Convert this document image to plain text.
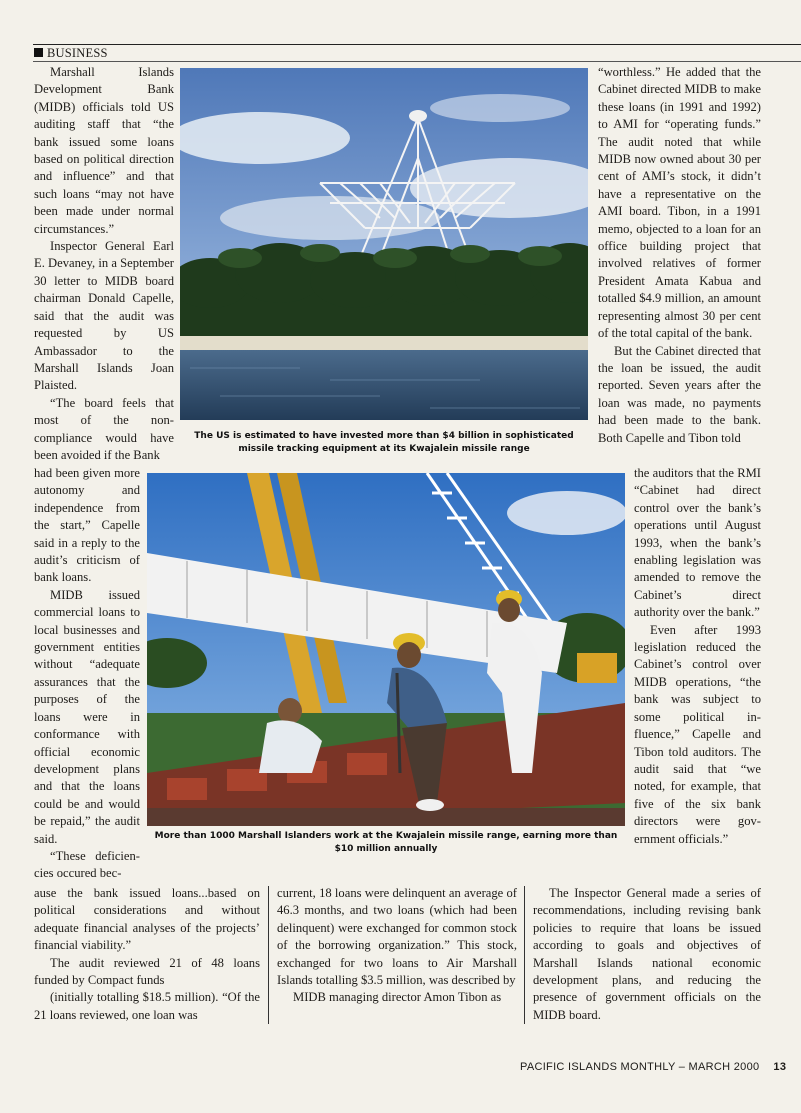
BUSINESS

Marshall Islands Development Bank (MIDB) officials told US auditing staff that “the bank issued some loans based on political direction and influence” and that such loans “may not have been made under normal circumstances.”

Inspector General Earl E. Devaney, in a September 30 letter to MIDB board chairman Donald Capelle, said that the audit was requested by US Ambassador to the Marshall Islands Joan Plaisted.

“The board feels that most of the non-compliance would have been avoided if the Bank

had been given more autonomy and independence from the start,” Capelle said in a reply to the audit’s criticism of bank loans.

MIDB issued commercial loans to local businesses and government entities without “adequate assurances that the purposes of the loans were in conformance with official economic development plans and that the loans could be and would be repaid,” the audit said.

“These deficien-cies occured bec-

“worthless.” He added that the Cabinet directed MIDB to make these loans (in 1991 and 1992) to AMI for “operating funds.” The audit noted that while MIDB now owned about 30 per cent of AMI’s stock, it didn’t have a representative on the AMI board. Tibon, in a 1991 memo, objected to a loan for an office building project that involved relatives of former President Amata Kabua and totalled $4.9 million, an amount representing almost 30 per cent of the total capital of the bank.

But the Cabinet directed that the loan be issued, the audit reported. Seven years after the loan was made, no payments had been made to the bank. Both Capelle and Tibon told

the auditors that the RMI “Cabinet had direct control over the bank’s operations until August 1993, when the bank’s enabling legislation was amended to remove the Cabinet’s direct authority over the bank.”

Even after 1993 legislation reduced the Cabinet’s control over MIDB operations, “the bank was subject to some political in-fluence,” Capelle and Tibon told auditors. The audit said that “we noted, for example, that five of the six bank directors were gov-ernment officials.”

The US is estimated to have invested more than $4 billion in sophisticated missile tracking equipment at its Kwajalein missile range
More than 1000 Marshall Islanders work at the Kwajalein missile range, earning more than $10 million annually

ause the bank issued loans...based on political considerations and without adequate financial analyses of the projects’ financial viability.”

The audit reviewed 21 of 48 loans funded by Compact funds

(initially totalling $18.5 million). “Of the 21 loans reviewed, one loan was

current, 18 loans were delinquent an average of 46.3 months, and two loans (which had been delinquent) were exchanged for common stock of the borrowing organization.” This stock, exchanged for two loans to Air Marshall Islands totalling $3.5 million, was described by

MIDB managing director Amon Tibon as

The Inspector General made a series of recommendations, including revising bank policies to require that loans be issued according to goals and objectives of Marshall Islands national economic development plans, and reducing the presence of government officials on the MIDB board.

PACIFIC ISLANDS MONTHLY – MARCH 2000 13
